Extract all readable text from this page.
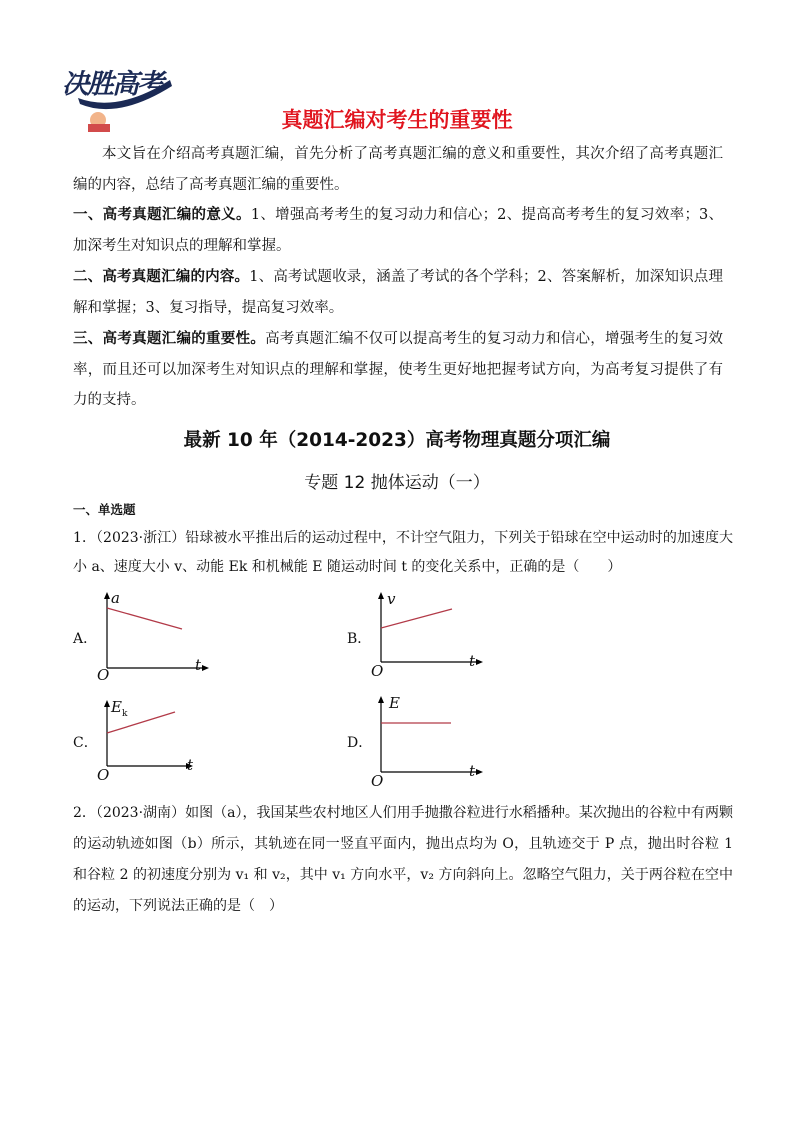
决胜高考
真题汇编对考生的重要性
本文旨在介绍高考真题汇编，首先分析了高考真题汇编的意义和重要性，其次介绍了高考真题汇编的内容，总结了高考真题汇编的重要性。
一、高考真题汇编的意义。1、增强高考考生的复习动力和信心；2、提高高考考生的复习效率；3、加深考生对知识点的理解和掌握。
二、高考真题汇编的内容。1、高考试题收录，涵盖了考试的各个学科；2、答案解析，加深知识点理解和掌握；3、复习指导，提高复习效率。
三、高考真题汇编的重要性。高考真题汇编不仅可以提高考生的复习动力和信心，增强考生的复习效率，而且还可以加深考生对知识点的理解和掌握，使考生更好地把握考试方向，为高考复习提供了有力的支持。
最新 10 年（2014-2023）高考物理真题分项汇编
专题 12 抛体运动（一）
一、单选题
1．（2023·浙江）铅球被水平推出后的运动过程中，不计空气阻力，下列关于铅球在空中运动时的加速度大小 a、速度大小 v、动能 Ek 和机械能 E 随运动时间 t 的变化关系中，正确的是（　　）
A．
a
t
O
B．
v
t
O
C．
$E_k$
t
O
D．
E
t
O
2．（2023·湖南）如图（a），我国某些农村地区人们用手抛撒谷粒进行水稻播种。某次抛出的谷粒中有两颗的运动轨迹如图（b）所示，其轨迹在同一竖直平面内，抛出点均为 O，且轨迹交于 P 点，抛出时谷粒 1 和谷粒 2 的初速度分别为 v₁ 和 v₂，其中 v₁ 方向水平，v₂ 方向斜向上。忽略空气阻力，关于两谷粒在空中的运动，下列说法正确的是（　）
